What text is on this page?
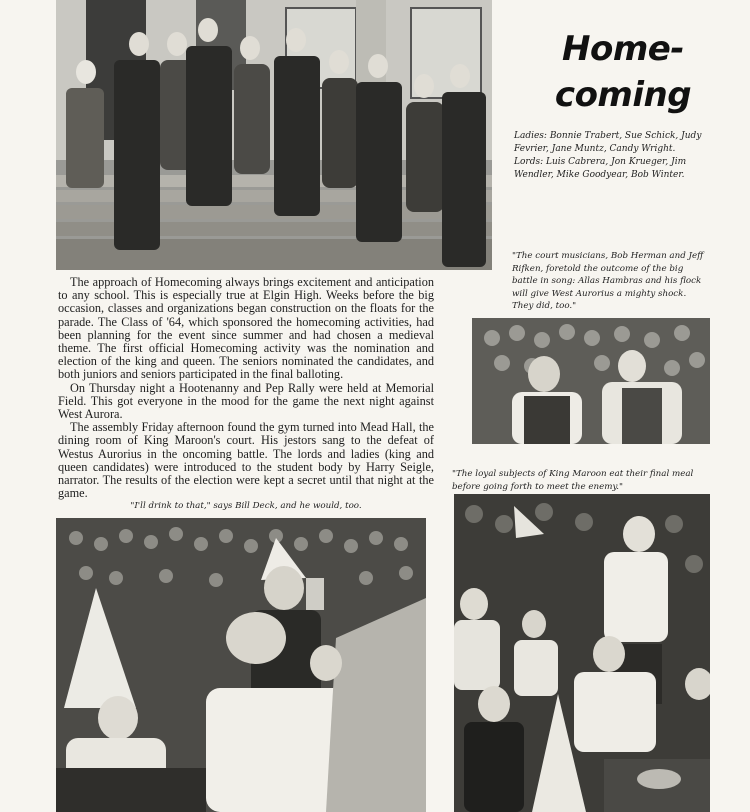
Home-
coming
Ladies: Bonnie Trabert, Sue Schick, Judy Fevrier, Jane Muntz, Candy Wright.
Lords: Luis Cabrera, Jon Krueger, Jim Wendler, Mike Goodyear, Bob Winter.
"The court musicians, Bob Herman and Jeff Rifken, foretold the outcome of the big battle in song: Allas Hambras and his flock will give West Aurorius a mighty shock. They did, too."
"The loyal subjects of King Maroon eat their final meal before going forth to meet the enemy."

The approach of Homecoming always brings excitement and anticipation to any school. This is especially true at Elgin High. Weeks before the big occasion, classes and organizations began construction on the floats for the parade. The Class of '64, which sponsored the homecoming activities, had been planning for the event since summer and had chosen a medieval theme. The first official Homecoming activity was the nomination and election of the king and queen. The seniors nominated the candidates, and both juniors and seniors participated in the final balloting.

On Thursday night a Hootenanny and Pep Rally were held at Memorial Field. This got everyone in the mood for the game the next night against West Aurora.

The assembly Friday afternoon found the gym turned into Mead Hall, the dining room of King Maroon's court. His jestors sang to the defeat of Westus Aurorius in the oncoming battle. The lords and ladies (king and queen candidates) were introduced to the student body by Harry Seigle, narrator. The results of the election were kept a secret until that night at the game.

"I'll drink to that," says Bill Deck, and he would, too.
